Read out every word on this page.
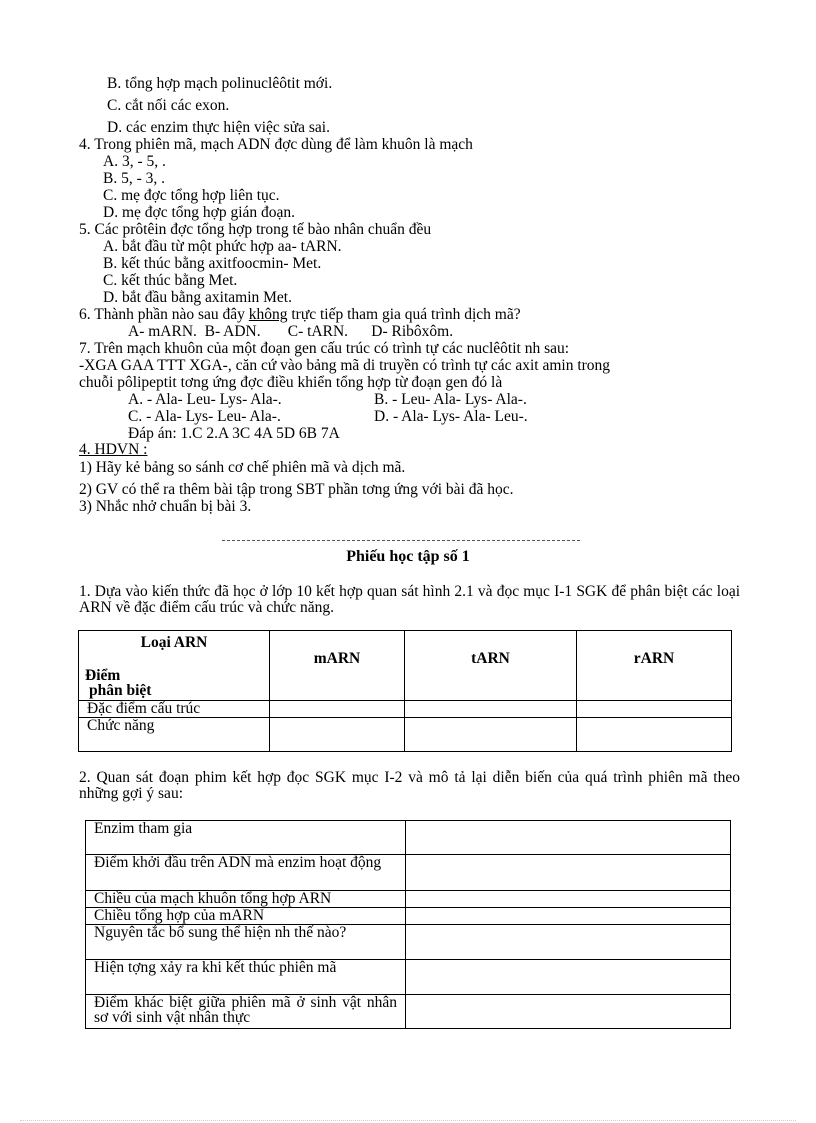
B. tổng hợp mạch polinuclêôtit mới.
C. cắt nối các exon.
D. các enzim thực hiện việc sửa sai.
4. Trong phiên mã, mạch ADN đợc dùng để làm khuôn là mạch
A. 3, - 5, .
B. 5, - 3, .
C. mẹ đợc tổng hợp liên tục.
D. mẹ đợc tổng hợp gián đoạn.
5. Các prôtêin đợc tổng hợp trong tế bào nhân chuẩn đều
A. bắt đầu từ một phức hợp aa- tARN.
B. kết thúc bằng axitfoocmin- Met.
C. kết thúc bằng Met.
D. bắt đầu bằng axitamin Met.
6. Thành phần nào sau đây không trực tiếp tham gia quá trình dịch mã?
A- mARN.  B- ADN.       C- tARN.      D- Ribôxôm.
7. Trên mạch khuôn của một đoạn gen cấu trúc có trình tự các nuclêôtit nh sau:
-XGA GAA TTT XGA-, căn cứ vào bảng mã di truyền có trình tự các axit amin trong
chuỗi pôlipeptit tơng ứng đợc điều khiển tổng hợp từ đoạn gen đó là
A. - Ala- Leu- Lys- Ala-.	B. - Leu- Ala- Lys- Ala-.
C. - Ala- Lys- Leu- Ala-.	D. - Ala- Lys- Ala- Leu-.
Đáp án: 1.C 2.A 3C 4A 5D 6B 7A
4. HDVN :
1) Hãy kẻ bảng so sánh cơ chế phiên mã và dịch mã.
2) GV có thể ra thêm bài tập trong SBT phần tơng ứng với bài đã học.
3) Nhắc nhở chuẩn bị bài 3.
Phiếu học tập số 1
1. Dựa vào kiến thức đã học ở lớp 10 kết hợp quan sát hình 2.1 và đọc mục I-1 SGK để phân biệt các loại ARN về đặc điểm cấu trúc và chức năng.
Loại ARN
Điểm
phân biệt	mARN	tARN	rARN
Đặc điểm cấu trúc			
Chức năng			
2. Quan sát đoạn phim kết hợp đọc SGK mục I-2 và mô tả lại diễn biến của quá trình phiên mã theo những gợi ý sau:
Enzim tham gia	
Điểm khởi đầu trên ADN mà enzim hoạt động	
Chiều của mạch khuôn tổng hợp ARN	
Chiều tổng hợp của mARN	
Nguyên tắc bổ sung thể hiện nh thế nào?	
Hiện tợng xảy ra khi kết thúc phiên mã	
Điểm khác biệt giữa phiên mã ở sinh vật nhân sơ với sinh vật nhân thực	
